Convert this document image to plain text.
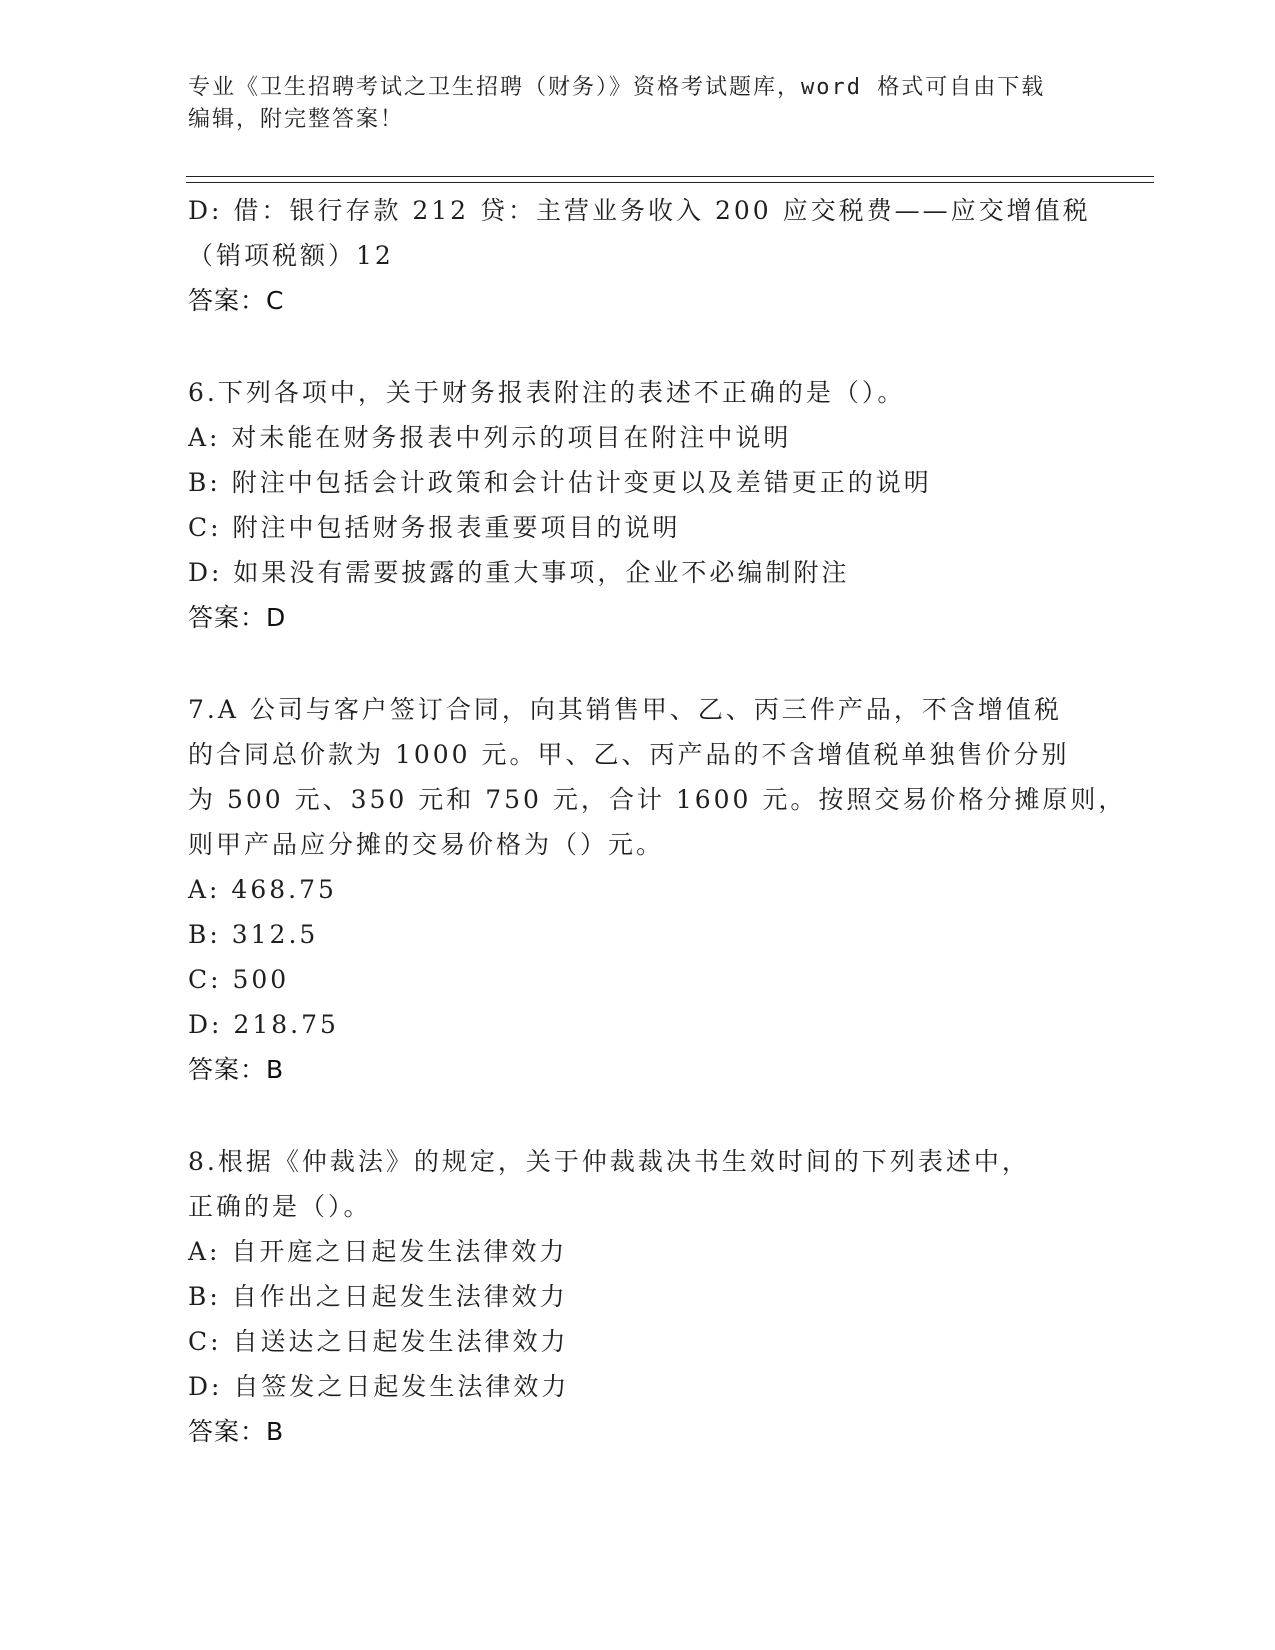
专业《卫生招聘考试之卫生招聘（财务）》资格考试题库，word 格式可自由下载
编辑，附完整答案！
D: 借：银行存款 212 贷：主营业务收入 200 应交税费——应交增值税
（销项税额）12
答案：C
6.下列各项中，关于财务报表附注的表述不正确的是（）。
A: 对未能在财务报表中列示的项目在附注中说明
B: 附注中包括会计政策和会计估计变更以及差错更正的说明
C: 附注中包括财务报表重要项目的说明
D: 如果没有需要披露的重大事项，企业不必编制附注
答案：D
7.A 公司与客户签订合同，向其销售甲、乙、丙三件产品，不含增值税
的合同总价款为 1000 元。甲、乙、丙产品的不含增值税单独售价分别
为 500 元、350 元和 750 元，合计 1600 元。按照交易价格分摊原则，
则甲产品应分摊的交易价格为（）元。
A: 468.75
B: 312.5
C: 500
D: 218.75
答案：B
8.根据《仲裁法》的规定，关于仲裁裁决书生效时间的下列表述中，
正确的是（）。
A: 自开庭之日起发生法律效力
B: 自作出之日起发生法律效力
C: 自送达之日起发生法律效力
D: 自签发之日起发生法律效力
答案：B
